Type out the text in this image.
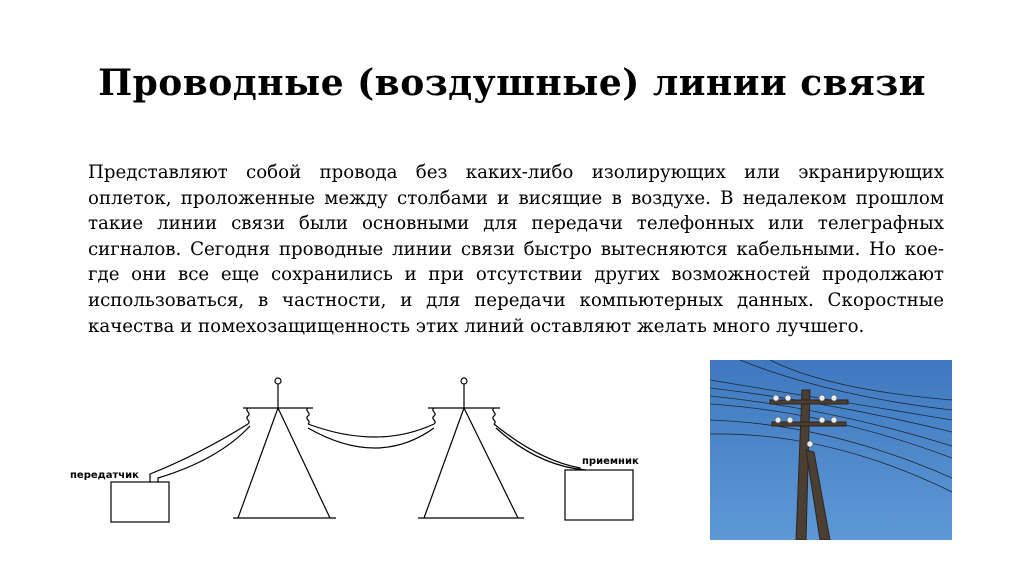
Проводные (воздушные) линии связи
Представляют собой провода без каких-либо изолирующих или экранирующих оплеток, проложенные между столбами и висящие в воздухе. В недалеком прошлом такие линии связи были основными для передачи телефонных или телеграфных сигналов. Сегодня проводные линии связи быстро вытесняются кабельными. Но кое-где они все еще сохранились и при отсутствии других возможностей продолжают использоваться, в частности, и для передачи компьютерных данных. Скоростные качества и помехозащищенность этих линий оставляют желать много лучшего.
передатчик
приемник
